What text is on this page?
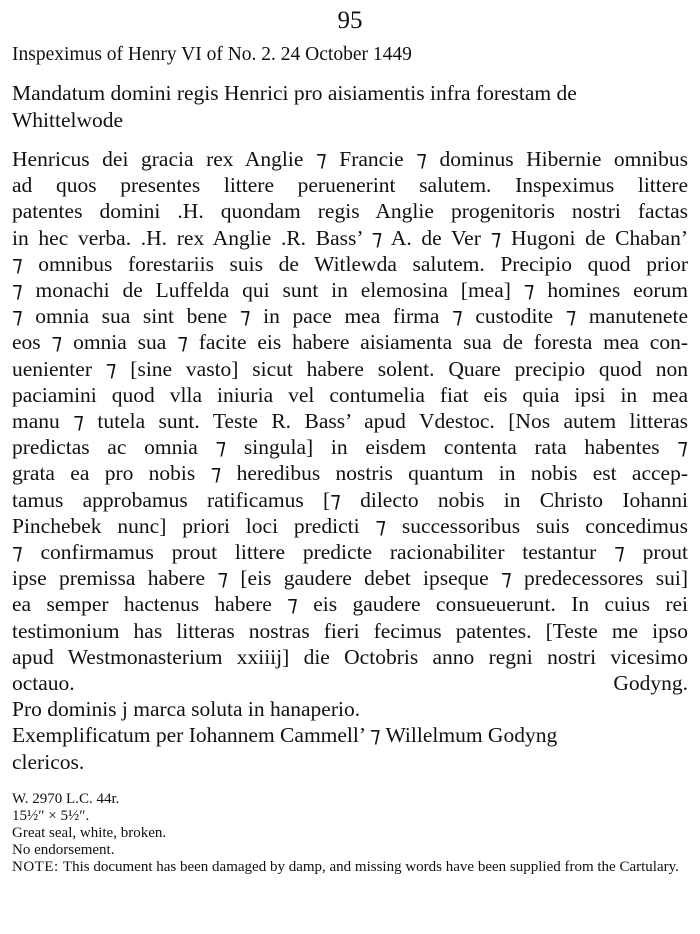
95
Inspeximus of Henry VI of No. 2. 24 October 1449
Mandatum domini regis Henrici pro aisiamentis infra forestam de
Whittelwode
Henricus dei gracia rex Anglie ⁊ Francie ⁊ dominus Hibernie omnibus
ad quos presentes littere peruenerint salutem. Inspeximus littere
patentes domini .H. quondam regis Anglie progenitoris nostri factas
in hec verba. .H. rex Anglie .R. Bass’ ⁊ A. de Ver ⁊ Hugoni de Chaban’
⁊ omnibus forestariis suis de Witlewda salutem. Precipio quod prior
⁊ monachi de Luffelda qui sunt in elemosina [mea] ⁊ homines eorum
⁊ omnia sua sint bene ⁊ in pace mea firma ⁊ custodite ⁊ manutenete
eos ⁊ omnia sua ⁊ facite eis habere aisiamenta sua de foresta mea con-
uenienter ⁊ [sine vasto] sicut habere solent. Quare precipio quod non
paciamini quod vlla iniuria vel contumelia fiat eis quia ipsi in mea
manu ⁊ tutela sunt. Teste R. Bass’ apud Vdestoc. [Nos autem litteras
predictas ac omnia ⁊ singula] in eisdem contenta rata habentes ⁊
grata ea pro nobis ⁊ heredibus nostris quantum in nobis est accep-
tamus approbamus ratificamus [⁊ dilecto nobis in Christo Iohanni
Pinchebek nunc] priori loci predicti ⁊ successoribus suis concedimus
⁊ confirmamus prout littere predicte racionabiliter testantur ⁊ prout
ipse premissa habere ⁊ [eis gaudere debet ipseque ⁊ predecessores sui]
ea semper hactenus habere ⁊ eis gaudere consueuerunt. In cuius rei
testimonium has litteras nostras fieri fecimus patentes. [Teste me ipso
apud Westmonasterium xxiiij] die Octobris anno regni nostri vicesimo
octauo.	Godyng.
Pro dominis j marca soluta in hanaperio.
Exemplificatum per Iohannem Cammell’ ⁊ Willelmum Godyng
clericos.
W. 2970 L.C. 44r.
15½″ × 5½″.
Great seal, white, broken.
No endorsement.
NOTE: This document has been damaged by damp, and missing words have been supplied from the Cartulary.
